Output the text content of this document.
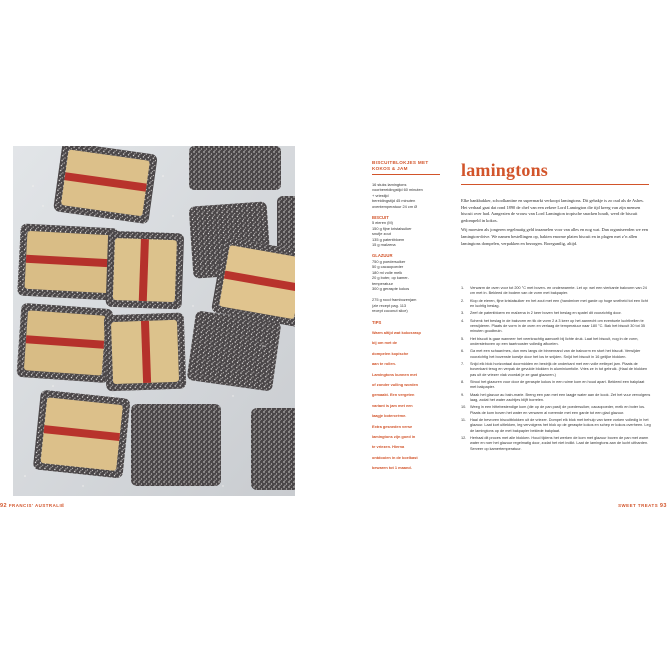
BISCUITBLOKJES MET
KOKOS & JAM
16 stuks lamingtons
voorbereidingstijd 60 minuten
+ vriestijd
bereidingstijd 45 minuten
oventemperatuur 24 cm Ø
BISCUIT
5 eieren (M)
150 g fijne kristalsuiker
snufje zout
135 g patentbloem
15 g maïzena
GLAZUUR
750 g poedersuiker
50 g cacaopoeder
180 ml volle melk
20 g boter, op kamer-
temperatuur
300 g geraspte kokos
275 g rood frambozenjam
(zie recept pag. 113
recept coconut slice)
TIPS
Warm altijd wat kokosrasp
bij om met de
dompelen kopische
aan te rollen.
Lamingtons kunnen met
of zonder vulling worden
gemaakt. Een vergeten
variant is jam met een
laagje botercrème.
Extra gesneden verse
lamingtons zijn goed in
te vriezen. Hierna
ontdooien in de koelkast
bewaren tot 1 maand.
lamingtons

Elke bankbakker, schoolkantine en supermarkt verkoopt lamingtons. Dit gebakje is zo oud als de Ashes. Het verhaal gaat dat rond 1890 de chef van een zekere Lord Lamington die tijd kreeg van zijn mensen biscuit over had. Aangezien de vrouw van Lord Lamington tropische snacken houdt, werd de biscuit gedompeld in kokos.

Wij moesten als jongeren regelmatig geld inzamelen voor van alles en nog wat. Dan organiseerden we een lamington-drive. We namen bestellingen op, bakten enorme platen biscuit en in plagen met zʼn allen lamingtons dompelen, verpakken en bezorgen. Boreguntlig, altijd.

1.	Verwarm de oven voor tot 200 °C met boven- en onderwarmte. Let op: wel een vierkante bakvorm van 24 cm met in. Bekleed de bodem van de vorm met bakpapier.
2.	Klop de eieren, fijne kristalsuiker en het zout met een (handmixer met garde op hoge snelheid tot een licht en luchtig beslag.
3.	Zeef de patentbloem en maïzena in 2 keer boven het beslag en spatel dit voorzichtig door.
4.	Schenk het beslag in de bakvorm en tik de vorm 2 à 3 keer op het aanrecht om eventuele luchtbellen te verwijderen. Plaats de vorm in de oven en verlaag de temperatuur naar 180 °C. Bak het biscuit 30 tot 35 minuten goudbruin.
5.	Het biscuit is gaar wanneer het veerkrachtig aanvoelt bij lichte druk. Laat het biscuit, nog in de vorm, ondersteboven op een taartrooster volledig afkoelen.
6.	Ga met een schaar/mes, dun mes langs de binnenrand van de bakvorm en stort het biscuit. Verwijder voorzichtig het bovenste korstje door het los te snijden. Snijd het biscuit in 16 gelijke blokken.
7.	Snijd elk blok horizontaal doormidden en bestrijk de onderkant met een volle eetlepel jam. Plaats de bovenkant terug en verpak de gevulde blokken in aluminiumfolie. Vries ze in tot gebruik. (Haal de blokken pas uit de vriezer vlak voordat je ze gaat glazuren.)
8.	Strooi het glazuren voor door de geraspte kokos in een ruime kom en houd apart. Bekleed een bakplaat met bakpapier.
9.	Maak het glazuur au bain-marie. Breng een pan met een laagje water aan de kook. Zet het vuur vervolgens laag, zodat het water zachtjes blijft borrelen.
10. Weeg in een hittebestendige kom (die op de pan past) de poedersuiker, cacaopoeder, melk en boter los. Plaats de kom boven het water en verwarm al roerende met een garde tot een glad glazuur.
11.	Haal de bevroren biscuitblokken uit de vriezer. Dompel elk blok met behulp van twee vorken volledig in het glazuur. Laat kort uitlekken, leg vervolgens het blok op de geraspte kokos en schep er kokos overheen. Leg de lamingtons op de met bakpapier beklede bakplaat.
12. Herhaal dit proces met alle blokken. Houd tijdens het werken de kom met glazuur boven de pan met warm water en roer het glazuur regelmatig door, zodat het niet indikt. Laat de lamingtons aan de lucht uitharden. Serveer op kamertemperatuur.
92 FRANCIS' AUSTRALIË	SWEET TREATS 93
